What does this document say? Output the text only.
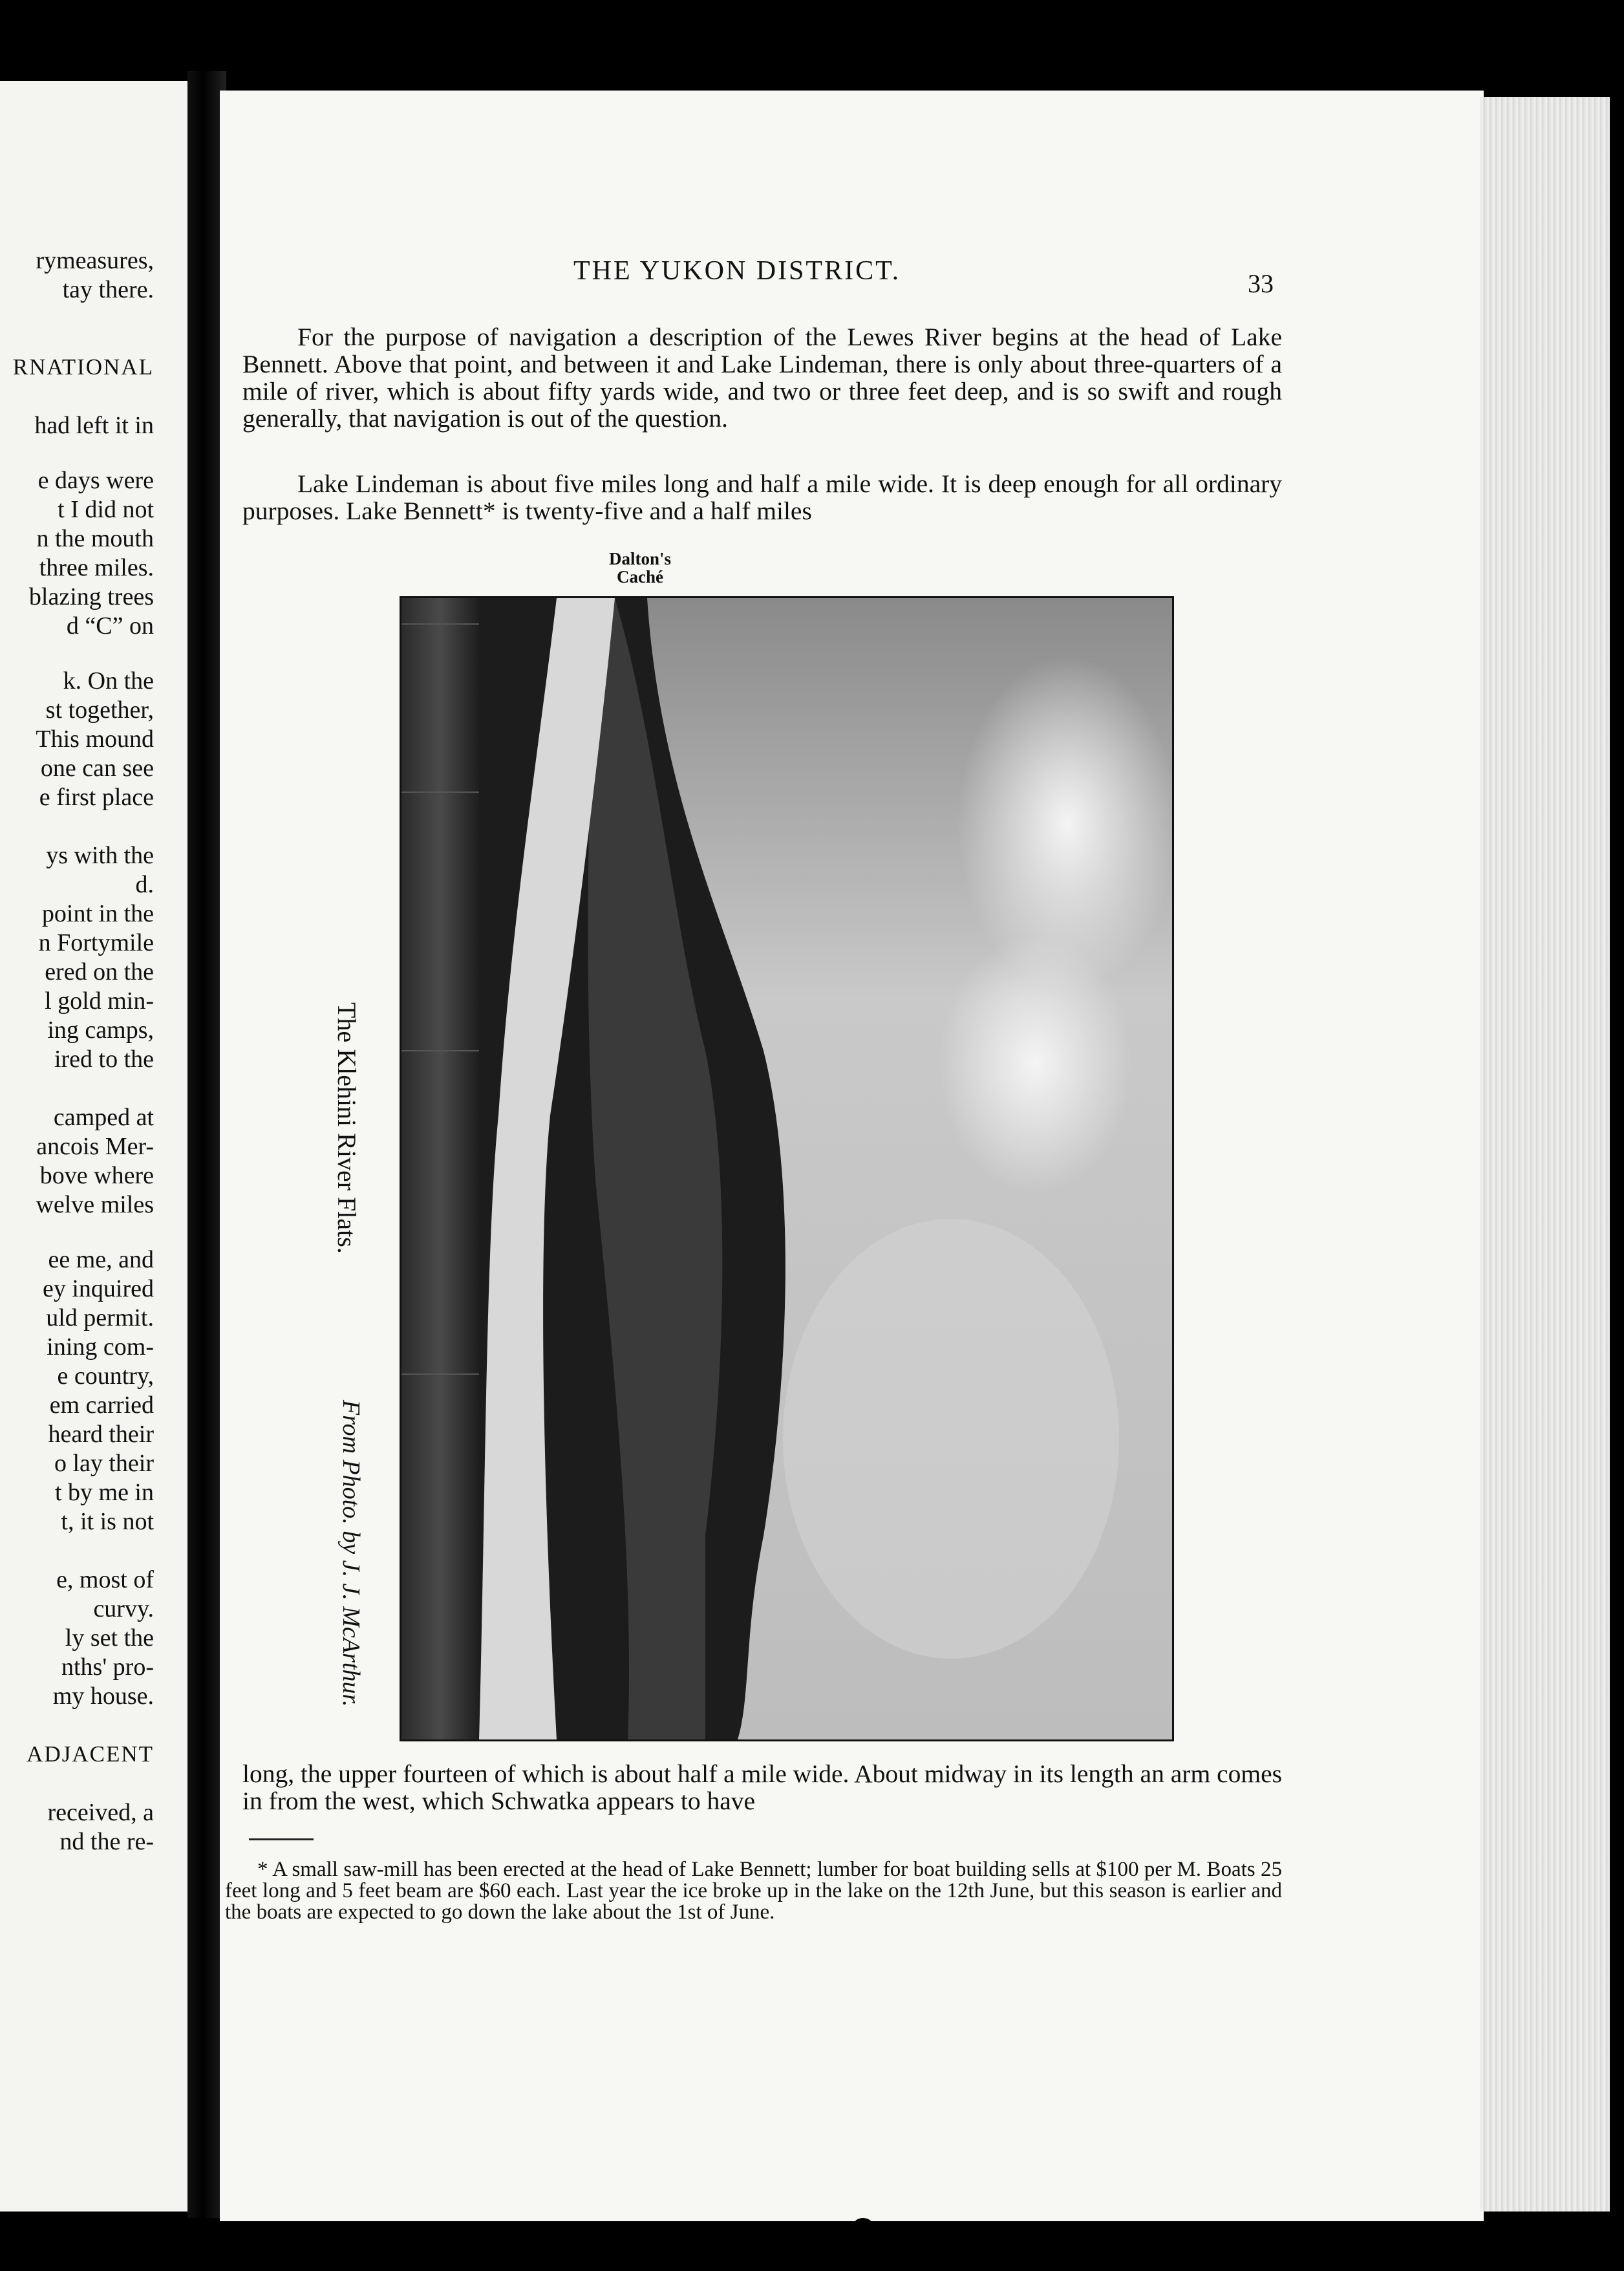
rymeasures,
tay there.
RNATIONAL
had left it in
e days were
t I did not
n the mouth
three miles.
blazing trees
d “C” on
k. On the
st together,
This mound
one can see
e first place
ys with the
d.
point in the
n Fortymile
ered on the
l gold min-
ing camps,
ired to the
camped at
ancois Mer-
bove where
welve miles
ee me, and
ey inquired
uld permit.
ining com-
e country,
em carried
heard their
o lay their
t by me in
t, it is not
e, most of
curvy.
ly set the
nths' pro-
my house.
ADJACENT
received, a
nd the re-
THE YUKON DISTRICT.	33

For the purpose of navigation a description of the Lewes River begins at the head of Lake Bennett. Above that point, and between it and Lake Lindeman, there is only about three-quarters of a mile of river, which is about fifty yards wide, and two or three feet deep, and is so swift and rough generally, that navigation is out of the question.

Lake Lindeman is about five miles long and half a mile wide. It is deep enough for all ordinary purposes. Lake Bennett* is twenty-five and a half miles

Dalton's
Caché
The Klehini River Flats.
From Photo. by J. J. McArthur.

long, the upper fourteen of which is about half a mile wide. About midway in its length an arm comes in from the west, which Schwatka appears to have

* A small saw-mill has been erected at the head of Lake Bennett; lumber for boat building sells at $100 per M. Boats 25 feet long and 5 feet beam are $60 each. Last year the ice broke up in the lake on the 12th June, but this season is earlier and the boats are expected to go down the lake about the 1st of June.
